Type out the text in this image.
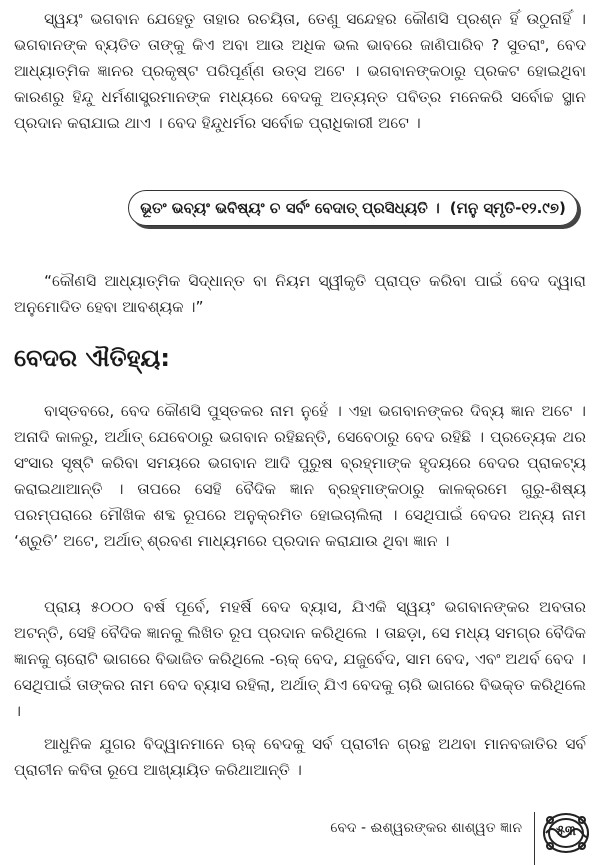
ସ୍ୱୟଂ ଭଗବାନ ଯେହେତୁ ତାହାର ରଚୟିତା, ତେଣୁ ସନ୍ଦେହର କୌଣସି ପ୍ରଶ୍ନ ହିଁ ଉଠୁନାହିଁ । ଭଗବାନଙ୍କ ବ୍ୟତିତ ତାଙ୍କୁ କିଏ ଅବା ଆଉ ଅଧିକ ଭଲ ଭାବରେ ଜାଣିପାରିବ ? ସୁତରାଂ, ବେଦ ଆଧ୍ୟାତ୍ମିକ ଜ୍ଞାନର ପ୍ରକୃଷ୍ଟ ପରିପୂର୍ଣ୍ଣ ଉତ୍ସ ଅଟେ । ଭଗବାନଙ୍କଠାରୁ ପ୍ରକଟ ହୋଇଥିବା କାରଣରୁ ହିନ୍ଦୁ ଧର୍ମଶାସ୍ତ୍ରମାନଙ୍କ ମଧ୍ୟରେ ବେଦକୁ ଅତ୍ୟନ୍ତ ପବିତ୍ର ମନେକରି ସର୍ବୋଚ୍ଚ ସ୍ଥାନ ପ୍ରଦାନ କରାଯାଇ ଥାଏ । ବେଦ ହିନ୍ଦୁଧର୍ମର ସର୍ବୋଚ୍ଚ ପ୍ରାଧିକାରୀ ଅଟେ ।

ଭୂତଂ ଭବ୍ୟଂ ଭବିଷ୍ୟଂ ଚ ସର୍ବଂ ବେଦାତ୍ ପ୍ରସିଧ୍ୟତି । (ମନୁ ସ୍ମୃତି-୧୨.୯୭)

“କୌଣସି ଆଧ୍ୟାତ୍ମିକ ସିଦ୍ଧାନ୍ତ ବା ନିୟମ ସ୍ୱୀକୃତି ପ୍ରାପ୍ତ କରିବା ପାଇଁ ବେଦ ଦ୍ୱାରା ଅନୁମୋଦିତ ହେବା ଆବଶ୍ୟକ ।”

ବେଦର ଐତିହ୍ୟ:

ବାସ୍ତବରେ, ବେଦ କୌଣସି ପୁସ୍ତକର ନାମ ନୁହେଁ । ଏହା ଭଗବାନଙ୍କର ଦିବ୍ୟ ଜ୍ଞାନ ଅଟେ । ଅନାଦି କାଳରୁ, ଅର୍ଥାତ୍ ଯେବେଠାରୁ ଭଗବାନ ରହିଛନ୍ତି, ସେବେଠାରୁ ବେଦ ରହିଛି । ପ୍ରତ୍ୟେକ ଥର ସଂସାର ସୃଷ୍ଟି କରିବା ସମୟରେ ଭଗବାନ ଆଦି ପୁରୁଷ ବ୍ରହ୍ମାଙ୍କ ହୃଦୟରେ ବେଦର ପ୍ରାକଟ୍ୟ କରାଇଥାଆନ୍ତି । ତାପରେ ସେହି ବୈଦିକ ଜ୍ଞାନ ବ୍ରହ୍ମାଙ୍କଠାରୁ କାଳକ୍ରମେ ଗୁରୁ-ଶିଷ୍ୟ ପରମ୍ପରାରେ ମୌଖିକ ଶବ୍ଦ ରୂପରେ ଅନୁକ୍ରମିତ ହୋଇଚାଲିଲା । ସେଥିପାଇଁ ବେଦର ଅନ୍ୟ ନାମ ‘ଶ୍ରୁତି’ ଅଟେ, ଅର୍ଥାତ୍ ଶ୍ରବଣ ମାଧ୍ୟମରେ ପ୍ରଦାନ କରାଯାଉ ଥିବା ଜ୍ଞାନ ।

ପ୍ରାୟ ୫୦୦୦ ବର୍ଷ ପୂର୍ବେ, ମହର୍ଷି ବେଦ ବ୍ୟାସ, ଯିଏକି ସ୍ୱୟଂ ଭଗବାନଙ୍କର ଅବତାର ଅଟନ୍ତି, ସେହି ବୈଦିକ ଜ୍ଞାନକୁ ଲିଖିତ ରୂପ ପ୍ରଦାନ କରିଥିଲେ । ତାଛଡ଼ା, ସେ ମଧ୍ୟ ସମଗ୍ର ବୈଦିକ ଜ୍ଞାନକୁ ଚାରୋଟି ଭାଗରେ ବିଭାଜିତ କରିଥିଲେ -ଋକ୍ ବେଦ, ଯଜୁର୍ବେଦ, ସାମ ବେଦ, ଏବଂ ଅଥର୍ବ ବେଦ । ସେଥିପାଇଁ ତାଙ୍କର ନାମ ବେଦ ବ୍ୟାସ ରହିଲା, ଅର୍ଥାତ୍ ଯିଏ ବେଦକୁ ଚାରି ଭାଗରେ ବିଭକ୍ତ କରିଥିଲେ ।

ଆଧୁନିକ ଯୁଗର ବିଦ୍ୱାନମାନେ ଋକ୍ ବେଦକୁ ସର୍ବ ପ୍ରାଚୀନ ଗ୍ରନ୍ଥ ଅଥବା ମାନବଜାତିର ସର୍ବ ପ୍ରାଚୀନ କବିତା ରୂପେ ଆଖ୍ୟାୟିତ କରିଥାଆନ୍ତି ।

ବେଦ - ଈଶ୍ୱରଙ୍କର ଶାଶ୍ୱତ ଜ୍ଞାନ	୫୩
